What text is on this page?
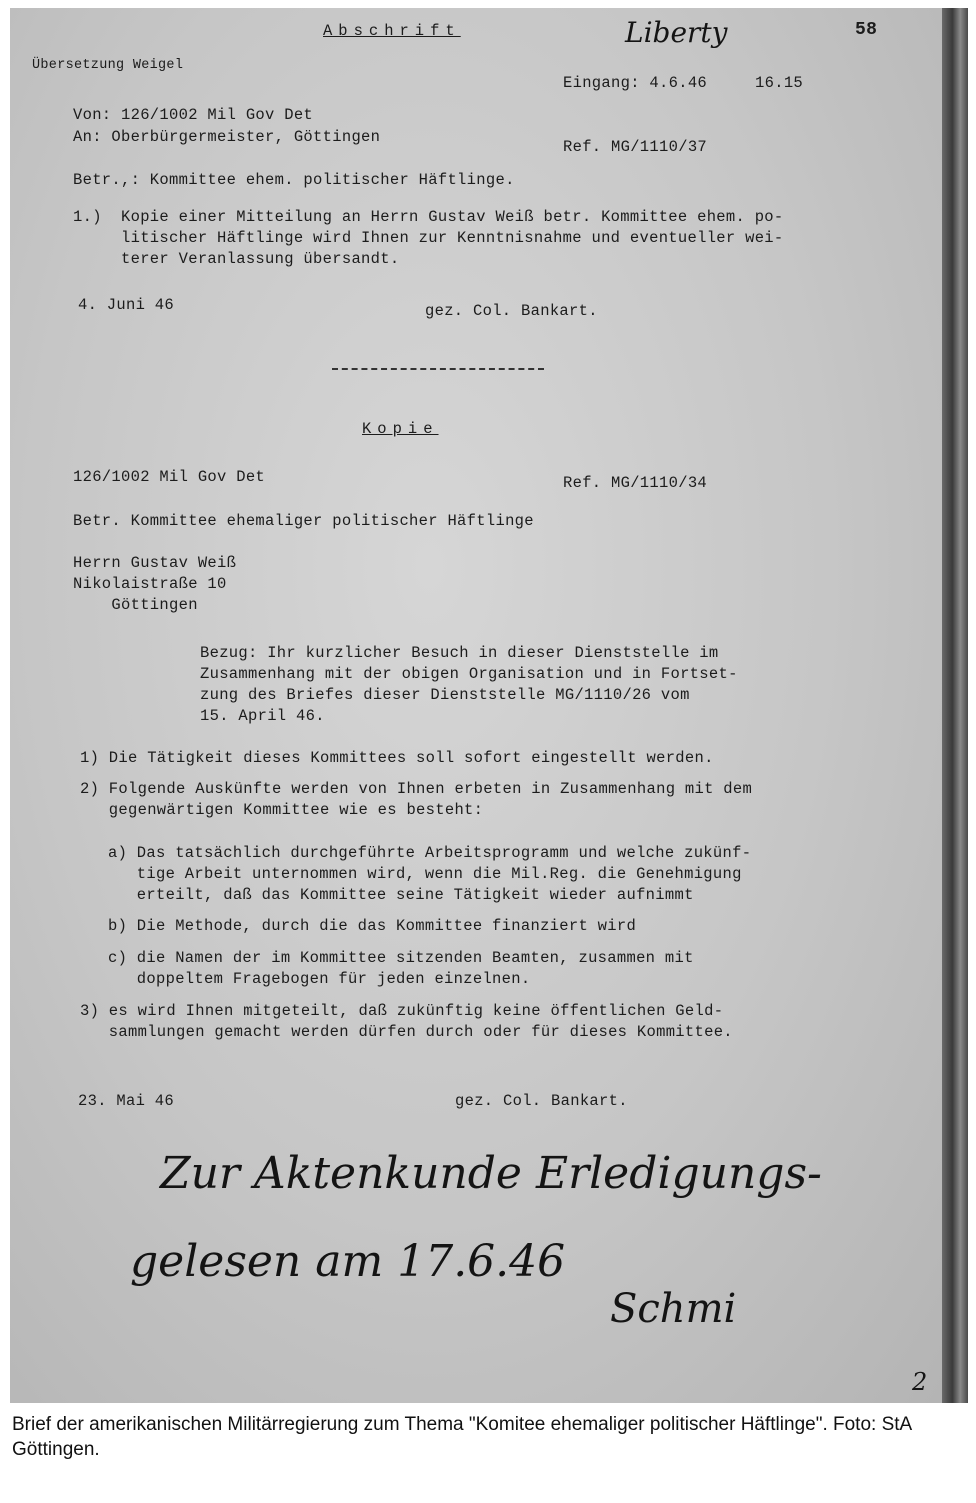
Abschrift	Liberty	58
Übersetzung Weigel
Eingang: 4.6.46     16.15
Von: 126/1002 Mil Gov Det
An: Oberbürgermeister, Göttingen
Ref. MG/1110/37
Betr.,: Kommittee ehem. politischer Häftlinge.
1.)  Kopie einer Mitteilung an Herrn Gustav Weiß betr. Kommittee ehem. po-
litischer Häftlinge wird Ihnen zur Kenntnisnahme und eventueller wei-
terer Veranlassung übersandt.
4. Juni 46	gez. Col. Bankart.
Kopie
126/1002 Mil Gov Det	Ref. MG/1110/34
Betr. Kommittee ehemaliger politischer Häftlinge
Herrn Gustav Weiß
Nikolaistraße 10
Göttingen
Bezug: Ihr kurzlicher Besuch in dieser Dienststelle im
Zusammenhang mit der obigen Organisation und in Fortset-
zung des Briefes dieser Dienststelle MG/1110/26 vom
15. April 46.
1) Die Tätigkeit dieses Kommittees soll sofort eingestellt werden.
2) Folgende Auskünfte werden von Ihnen erbeten in Zusammenhang mit dem
gegenwärtigen Kommittee wie es besteht:
a) Das tatsächlich durchgeführte Arbeitsprogramm und welche zukünf-
tige Arbeit unternommen wird, wenn die Mil.Reg. die Genehmigung
erteilt, daß das Kommittee seine Tätigkeit wieder aufnimmt
b) Die Methode, durch die das Kommittee finanziert wird
c) die Namen der im Kommittee sitzenden Beamten, zusammen mit
doppeltem Fragebogen für jeden einzelnen.
3) es wird Ihnen mitgeteilt, daß zukünftig keine öffentlichen Geld-
sammlungen gemacht werden dürfen durch oder für dieses Kommittee.
23. Mai 46	gez. Col. Bankart.
Zur Aktenkunde Erledigungs-
gelesen am 17.6.46
Schmi
2
Brief der amerikanischen Militärregierung zum Thema "Komitee ehemaliger politischer Häftlinge". Foto: StA Göttingen.
